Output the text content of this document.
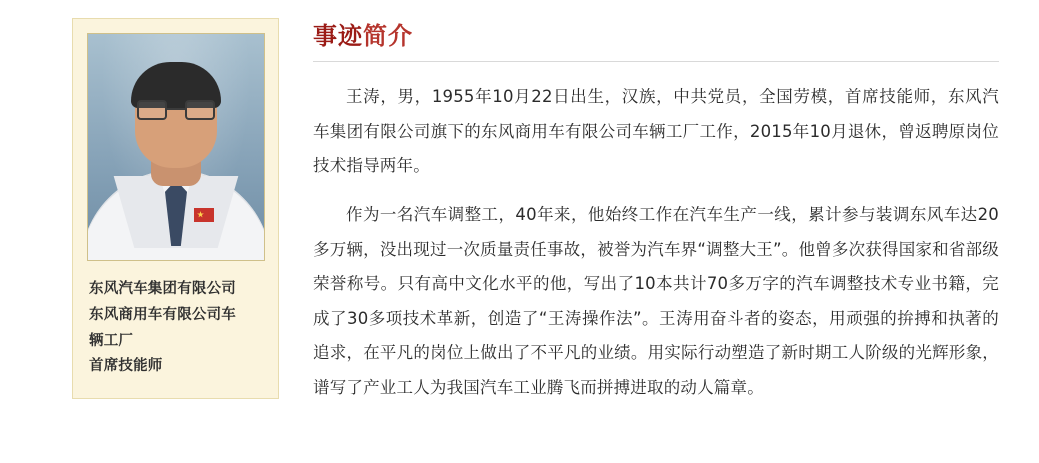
东风汽车集团有限公司
东风商用车有限公司车
辆工厂
首席技能师
事迹简介

王涛，男，1955年10月22日出生，汉族，中共党员，全国劳模，首席技能师，东风汽车集团有限公司旗下的东风商用车有限公司车辆工厂工作，2015年10月退休，曾返聘原岗位技术指导两年。

作为一名汽车调整工，40年来，他始终工作在汽车生产一线，累计参与装调东风车达20多万辆，没出现过一次质量责任事故，被誉为汽车界“调整大王”。他曾多次获得国家和省部级荣誉称号。只有高中文化水平的他，写出了10本共计70多万字的汽车调整技术专业书籍，完成了30多项技术革新，创造了“王涛操作法”。王涛用奋斗者的姿态，用顽强的拚搏和执著的追求，在平凡的岗位上做出了不平凡的业绩。用实际行动塑造了新时期工人阶级的光辉形象，谱写了产业工人为我国汽车工业腾飞而拼搏进取的动人篇章。
